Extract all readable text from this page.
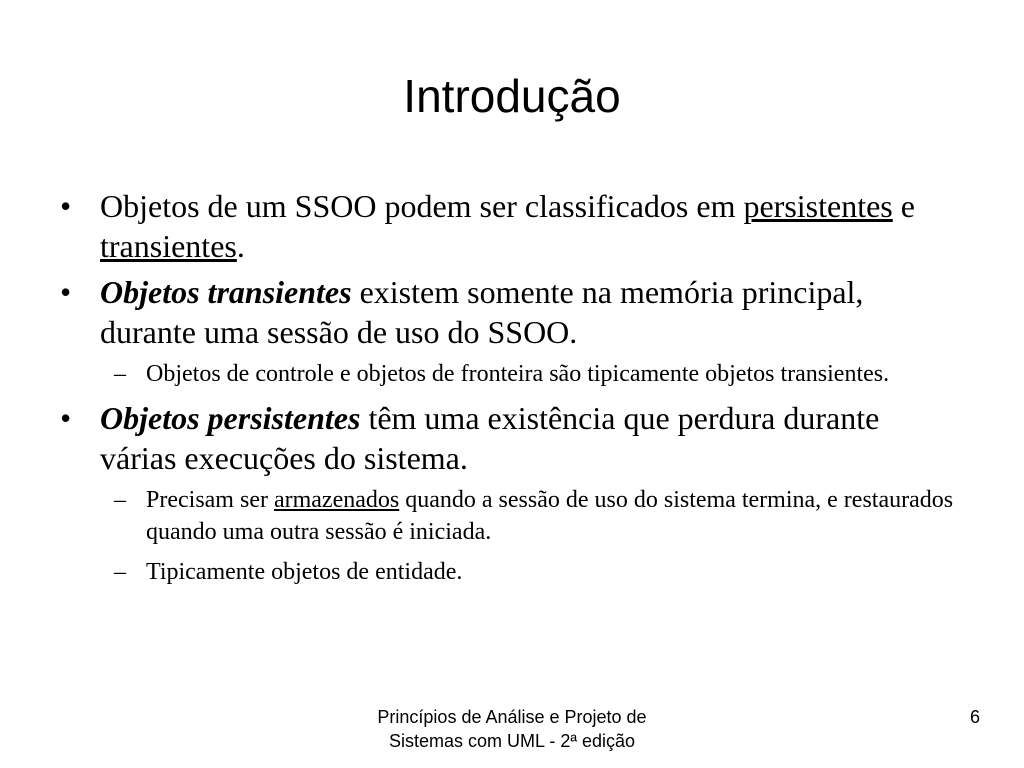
Introdução
• Objetos de um SSOO podem ser classificados em persistentes e transientes.
• Objetos transientes existem somente na memória principal, durante uma sessão de uso do SSOO.
– Objetos de controle e objetos de fronteira são tipicamente objetos transientes.
• Objetos persistentes têm uma existência que perdura durante várias execuções do sistema.
– Precisam ser armazenados quando a sessão de uso do sistema termina, e restaurados quando uma outra sessão é iniciada.
– Tipicamente objetos de entidade.
Princípios de Análise e Projeto de
Sistemas com UML - 2ª edição
6
